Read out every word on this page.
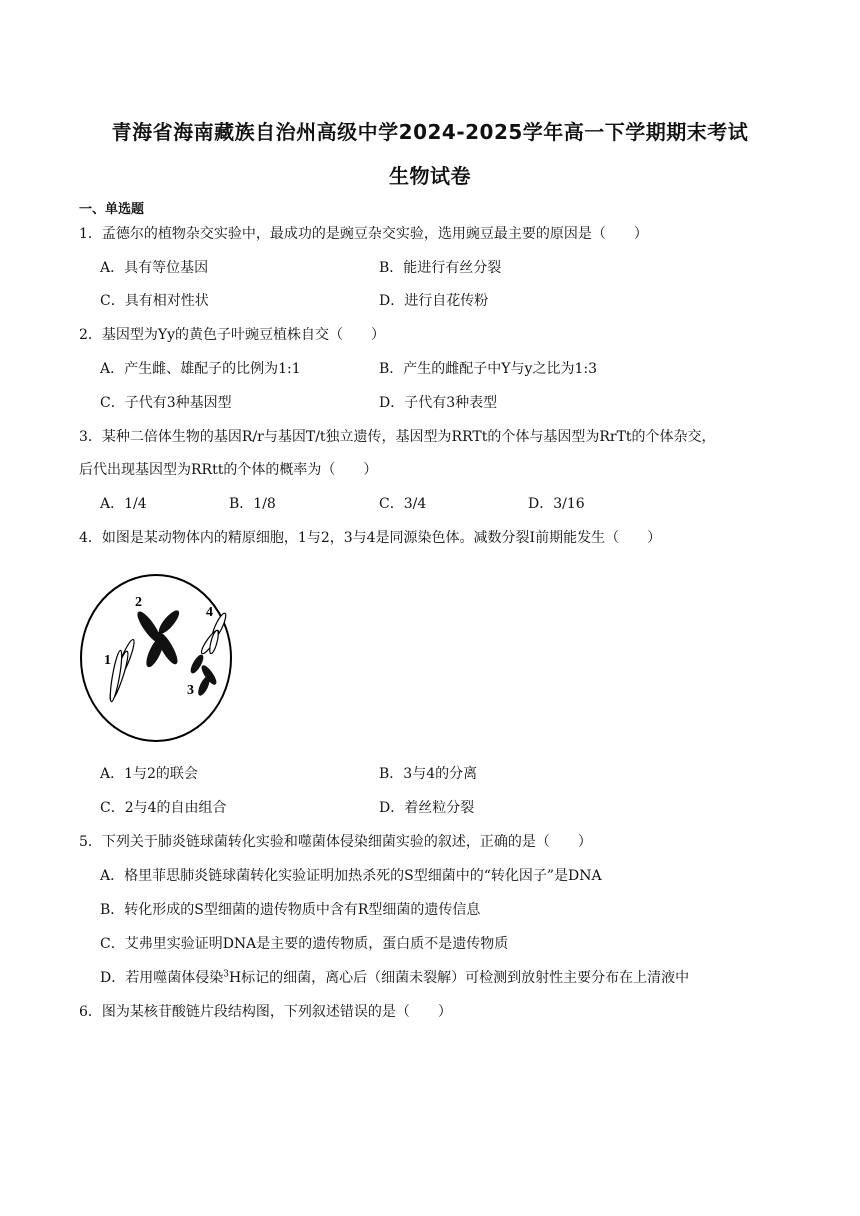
青海省海南藏族自治州高级中学2024-2025学年高一下学期期末考试
生物试卷
一、单选题
1．孟德尔的植物杂交实验中，最成功的是豌豆杂交实验，选用豌豆最主要的原因是（　　）
A．具有等位基因	B．能进行有丝分裂
C．具有相对性状	D．进行自花传粉
2．基因型为Yy的黄色子叶豌豆植株自交（　　）
A．产生雌、雄配子的比例为1:1	B．产生的雌配子中Y与y之比为1:3
C．子代有3种基因型	D．子代有3种表型
3．某种二倍体生物的基因R/r与基因T/t独立遗传，基因型为RRTt的个体与基因型为RrTt的个体杂交，
后代出现基因型为RRtt的个体的概率为（　　）
A．1/4	B．1/8	C．3/4	D．3/16
4．如图是某动物体内的精原细胞，1与2，3与4是同源染色体。减数分裂Ⅰ前期能发生（　　）
1
2
3
4
A．1与2的联会	B．3与4的分离
C．2与4的自由组合	D．着丝粒分裂
5．下列关于肺炎链球菌转化实验和噬菌体侵染细菌实验的叙述，正确的是（　　）
A．格里菲思肺炎链球菌转化实验证明加热杀死的S型细菌中的“转化因子”是DNA
B．转化形成的S型细菌的遗传物质中含有R型细菌的遗传信息
C．艾弗里实验证明DNA是主要的遗传物质，蛋白质不是遗传物质
D．若用噬菌体侵染$^3$H标记的细菌，离心后（细菌未裂解）可检测到放射性主要分布在上清液中
6．图为某核苷酸链片段结构图，下列叙述错误的是（　　）
